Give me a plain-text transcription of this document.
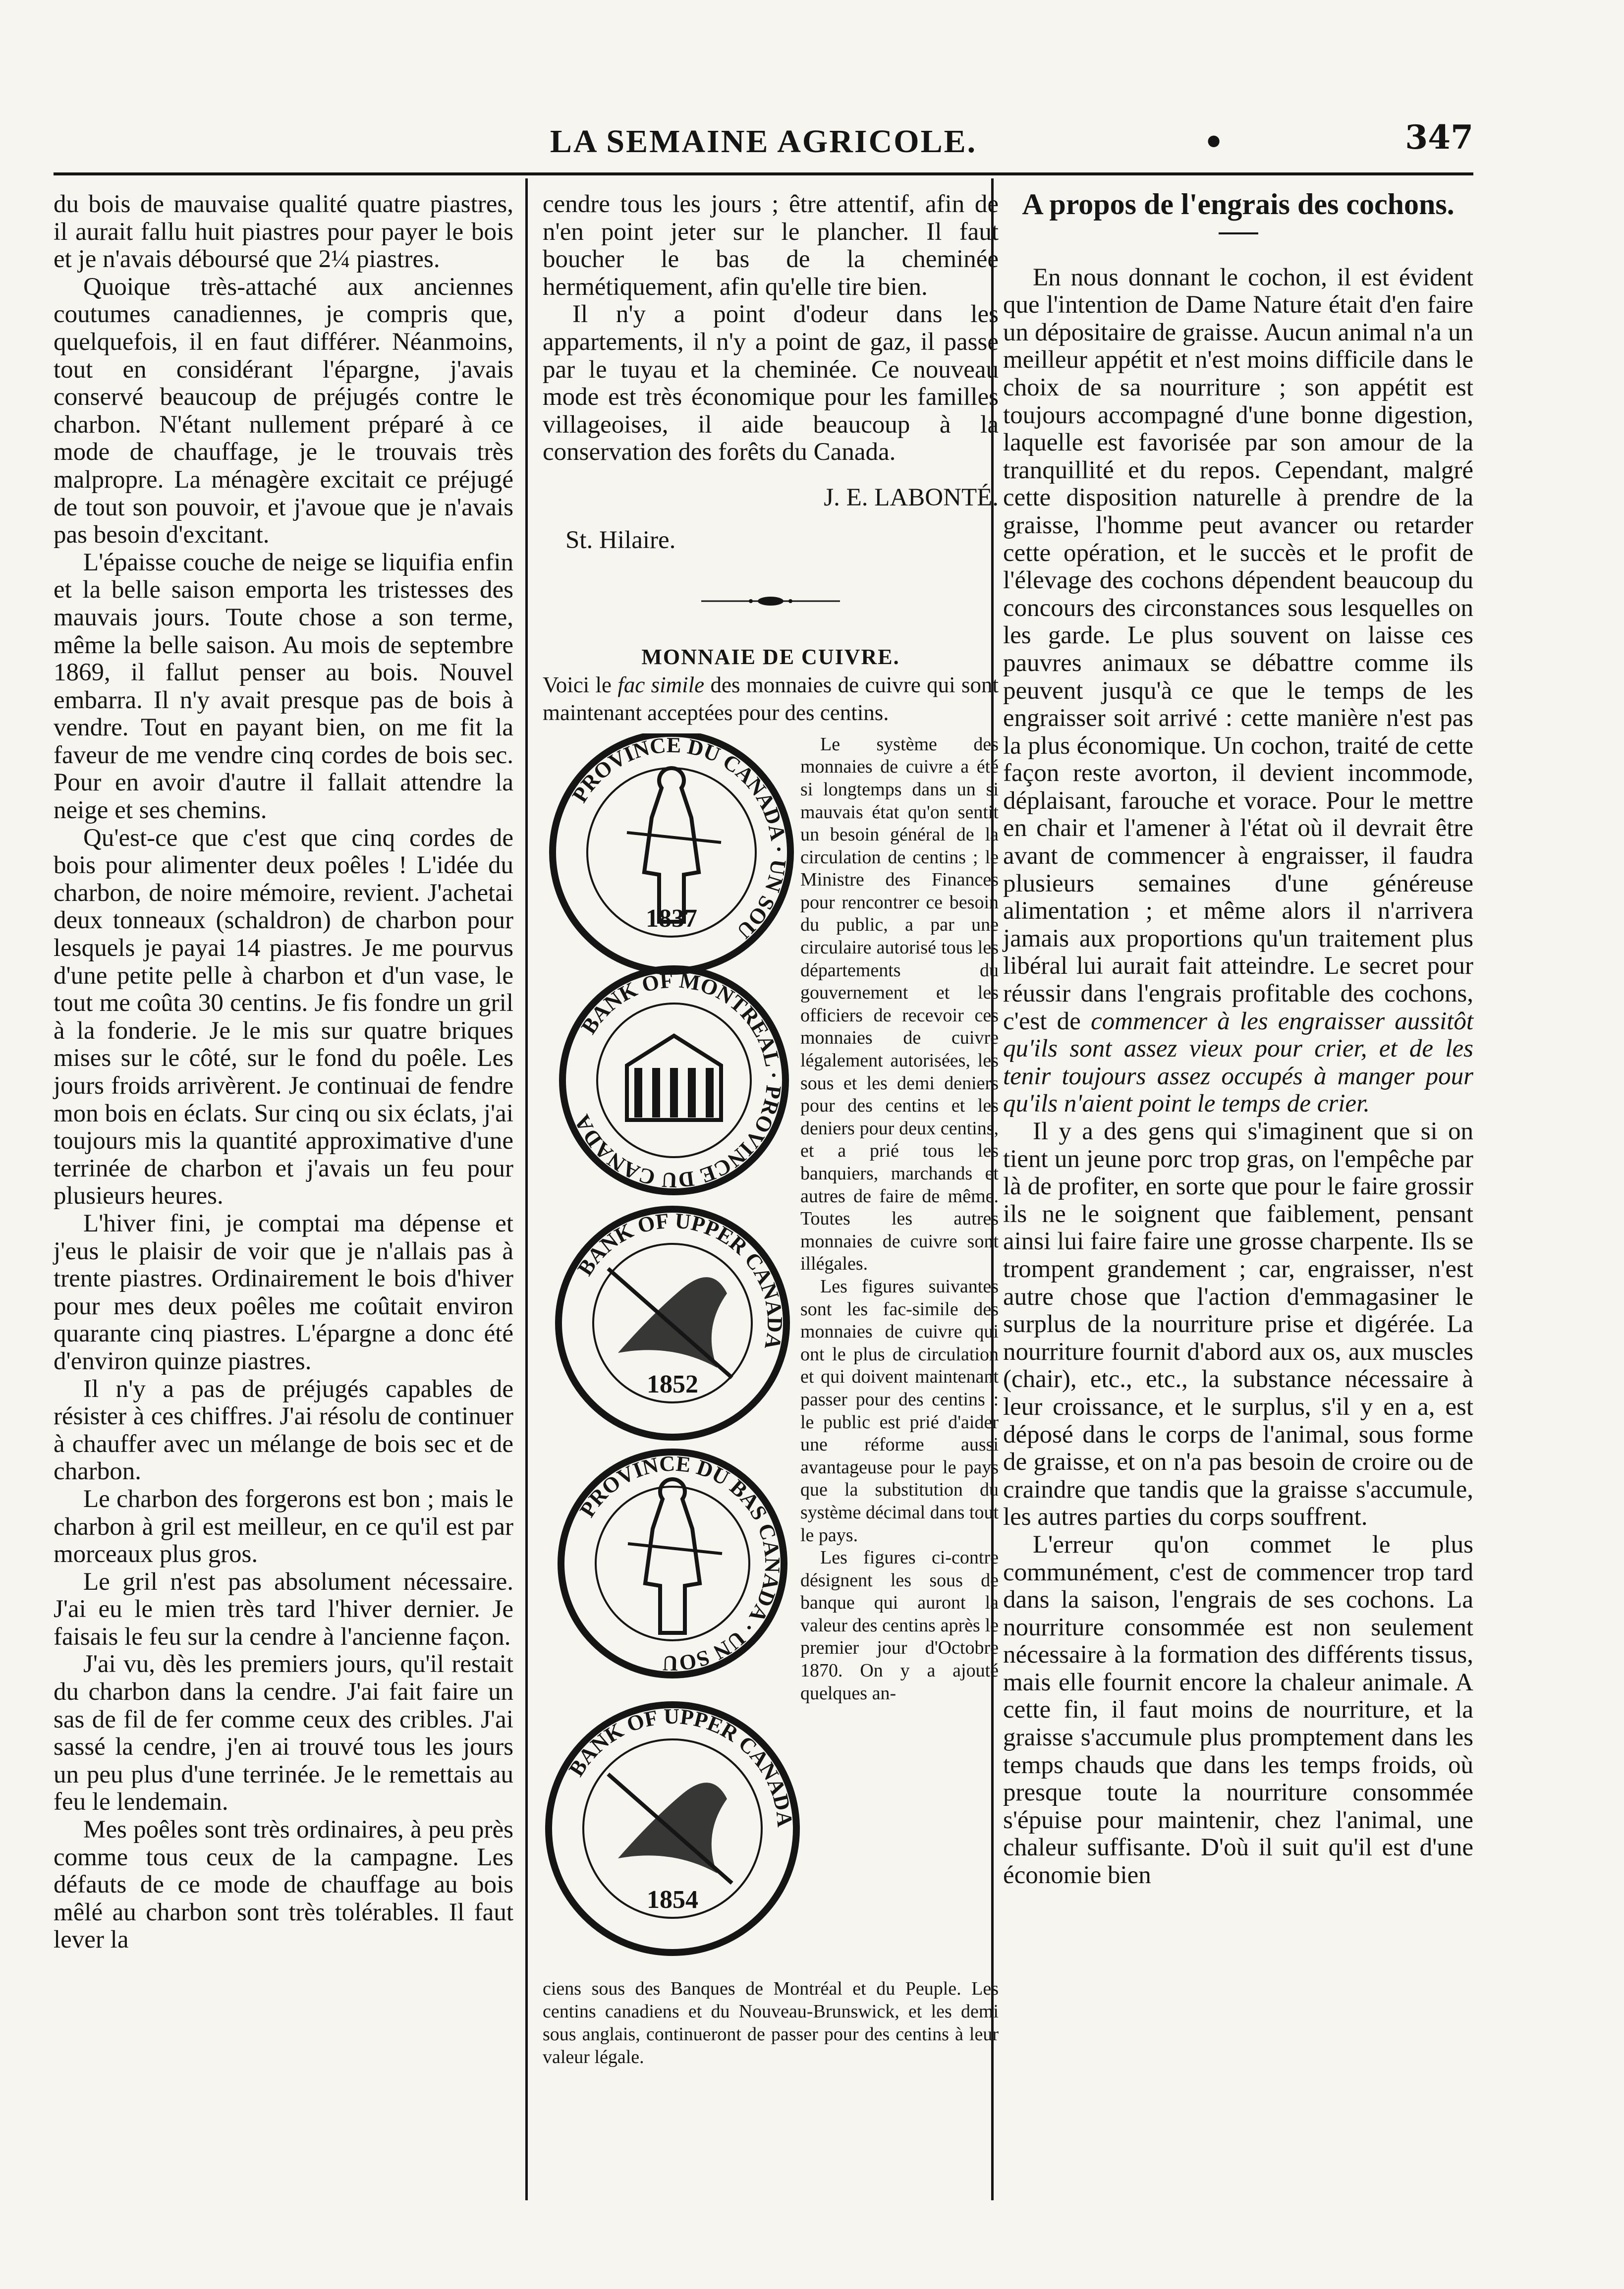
LA SEMAINE AGRICOLE.	•	347

du bois de mauvaise qualité quatre piastres, il aurait fallu huit piastres pour payer le bois et je n'avais déboursé que 2¼ piastres.

Quoique très-attaché aux anciennes coutumes canadiennes, je compris que, quelquefois, il en faut différer. Néanmoins, tout en considérant l'épargne, j'avais conservé beaucoup de préjugés contre le charbon. N'étant nullement préparé à ce mode de chauffage, je le trouvais très malpropre. La ménagère excitait ce préjugé de tout son pouvoir, et j'avoue que je n'avais pas besoin d'excitant.

L'épaisse couche de neige se liquifia enfin et la belle saison emporta les tristesses des mauvais jours. Toute chose a son terme, même la belle saison. Au mois de septembre 1869, il fallut penser au bois. Nouvel embarra. Il n'y avait presque pas de bois à vendre. Tout en payant bien, on me fit la faveur de me vendre cinq cordes de bois sec. Pour en avoir d'autre il fallait attendre la neige et ses chemins.

Qu'est-ce que c'est que cinq cordes de bois pour alimenter deux poêles ! L'idée du charbon, de noire mémoire, revient. J'achetai deux tonneaux (schaldron) de charbon pour lesquels je payai 14 piastres. Je me pourvus d'une petite pelle à charbon et d'un vase, le tout me coûta 30 centins. Je fis fondre un gril à la fonderie. Je le mis sur quatre briques mises sur le côté, sur le fond du poêle. Les jours froids arrivèrent. Je continuai de fendre mon bois en éclats. Sur cinq ou six éclats, j'ai toujours mis la quantité approximative d'une terrinée de charbon et j'avais un feu pour plusieurs heures.

L'hiver fini, je comptai ma dépense et j'eus le plaisir de voir que je n'allais pas à trente piastres. Ordinairement le bois d'hiver pour mes deux poêles me coûtait environ quarante cinq piastres. L'épargne a donc été d'environ quinze piastres.

Il n'y a pas de préjugés capables de résister à ces chiffres. J'ai résolu de continuer à chauffer avec un mélange de bois sec et de charbon.

Le charbon des forgerons est bon ; mais le charbon à gril est meilleur, en ce qu'il est par morceaux plus gros.

Le gril n'est pas absolument nécessaire. J'ai eu le mien très tard l'hiver dernier. Je faisais le feu sur la cendre à l'ancienne façon.

J'ai vu, dès les premiers jours, qu'il restait du charbon dans la cendre. J'ai fait faire un sas de fil de fer comme ceux des cribles. J'ai sassé la cendre, j'en ai trouvé tous les jours un peu plus d'une terrinée. Je le remettais au feu le lendemain.

Mes poêles sont très ordinaires, à peu près comme tous ceux de la campagne. Les défauts de ce mode de chauffage au bois mêlé au charbon sont très tolérables. Il faut lever la

cendre tous les jours ; être attentif, afin de n'en point jeter sur le plancher. Il faut boucher le bas de la cheminée hermétiquement, afin qu'elle tire bien.

Il n'y a point d'odeur dans les appartements, il n'y a point de gaz, il passe par le tuyau et la cheminée. Ce nouveau mode est très économique pour les familles villageoises, il aide beaucoup à la conservation des forêts du Canada.

J. E. LABONTÉ.

St. Hilaire.

MONNAIE DE CUIVRE.

Voici le fac simile des monnaies de cuivre qui sont maintenant acceptées pour des centins.

PROVINCE DU CANADA · UN SOU
1837
BANK OF MONTREAL · PROVINCE DU CANADA
BANK OF UPPER CANADA
1852
PROVINCE DU BAS CANADA · UN SOU
BANK OF UPPER CANADA
1854

Le système des monnaies de cuivre a été si longtemps dans un si mauvais état qu'on sentit un besoin général de la circulation de centins ; le Ministre des Finances pour rencontrer ce besoin du public, a par une circulaire autorisé tous les départements du gouvernement et les officiers de recevoir ces monnaies de cuivre légalement autorisées, les sous et les demi deniers pour des centins et les deniers pour deux centins, et a prié tous les banquiers, marchands et autres de faire de même. Toutes les autres monnaies de cuivre sont illégales.

Les figures suivantes sont les fac-simile des monnaies de cuivre qui ont le plus de circulation et qui doivent maintenant passer pour des centins : le public est prié d'aider une réforme aussi avantageuse pour le pays que la substitution du système décimal dans tout le pays.

Les figures ci-contre désignent les sous de banque qui auront la valeur des centins après le premier jour d'Octobre 1870. On y a ajouté quelques an-

ciens sous des Banques de Montréal et du Peuple. Les centins canadiens et du Nouveau-Brunswick, et les demi sous anglais, continueront de passer pour des centins à leur valeur légale.

A propos de l'engrais des cochons.

En nous donnant le cochon, il est évident que l'intention de Dame Nature était d'en faire un dépositaire de graisse. Aucun animal n'a un meilleur appétit et n'est moins difficile dans le choix de sa nourriture ; son appétit est toujours accompagné d'une bonne digestion, laquelle est favorisée par son amour de la tranquillité et du repos. Cependant, malgré cette disposition naturelle à prendre de la graisse, l'homme peut avancer ou retarder cette opération, et le succès et le profit de l'élevage des cochons dépendent beaucoup du concours des circonstances sous lesquelles on les garde. Le plus souvent on laisse ces pauvres animaux se débattre comme ils peuvent jusqu'à ce que le temps de les engraisser soit arrivé : cette manière n'est pas la plus économique. Un cochon, traité de cette façon reste avorton, il devient incommode, déplaisant, farouche et vorace. Pour le mettre en chair et l'amener à l'état où il devrait être avant de commencer à engraisser, il faudra plusieurs semaines d'une généreuse alimentation ; et même alors il n'arrivera jamais aux proportions qu'un traitement plus libéral lui aurait fait atteindre. Le secret pour réussir dans l'engrais profitable des cochons, c'est de commencer à les engraisser aussitôt qu'ils sont assez vieux pour crier, et de les tenir toujours assez occupés à manger pour qu'ils n'aient point le temps de crier.

Il y a des gens qui s'imaginent que si on tient un jeune porc trop gras, on l'empêche par là de profiter, en sorte que pour le faire grossir ils ne le soignent que faiblement, pensant ainsi lui faire faire une grosse charpente. Ils se trompent grandement ; car, engraisser, n'est autre chose que l'action d'emmagasiner le surplus de la nourriture prise et digérée. La nourriture fournit d'abord aux os, aux muscles (chair), etc., etc., la substance nécessaire à leur croissance, et le surplus, s'il y en a, est déposé dans le corps de l'animal, sous forme de graisse, et on n'a pas besoin de croire ou de craindre que tandis que la graisse s'accumule, les autres parties du corps souffrent.

L'erreur qu'on commet le plus communément, c'est de commencer trop tard dans la saison, l'engrais de ses cochons. La nourriture consommée est non seulement nécessaire à la formation des différents tissus, mais elle fournit encore la chaleur animale. A cette fin, il faut moins de nourriture, et la graisse s'accumule plus promptement dans les temps chauds que dans les temps froids, où presque toute la nourriture consommée s'épuise pour maintenir, chez l'animal, une chaleur suffisante. D'où il suit qu'il est d'une économie bien
